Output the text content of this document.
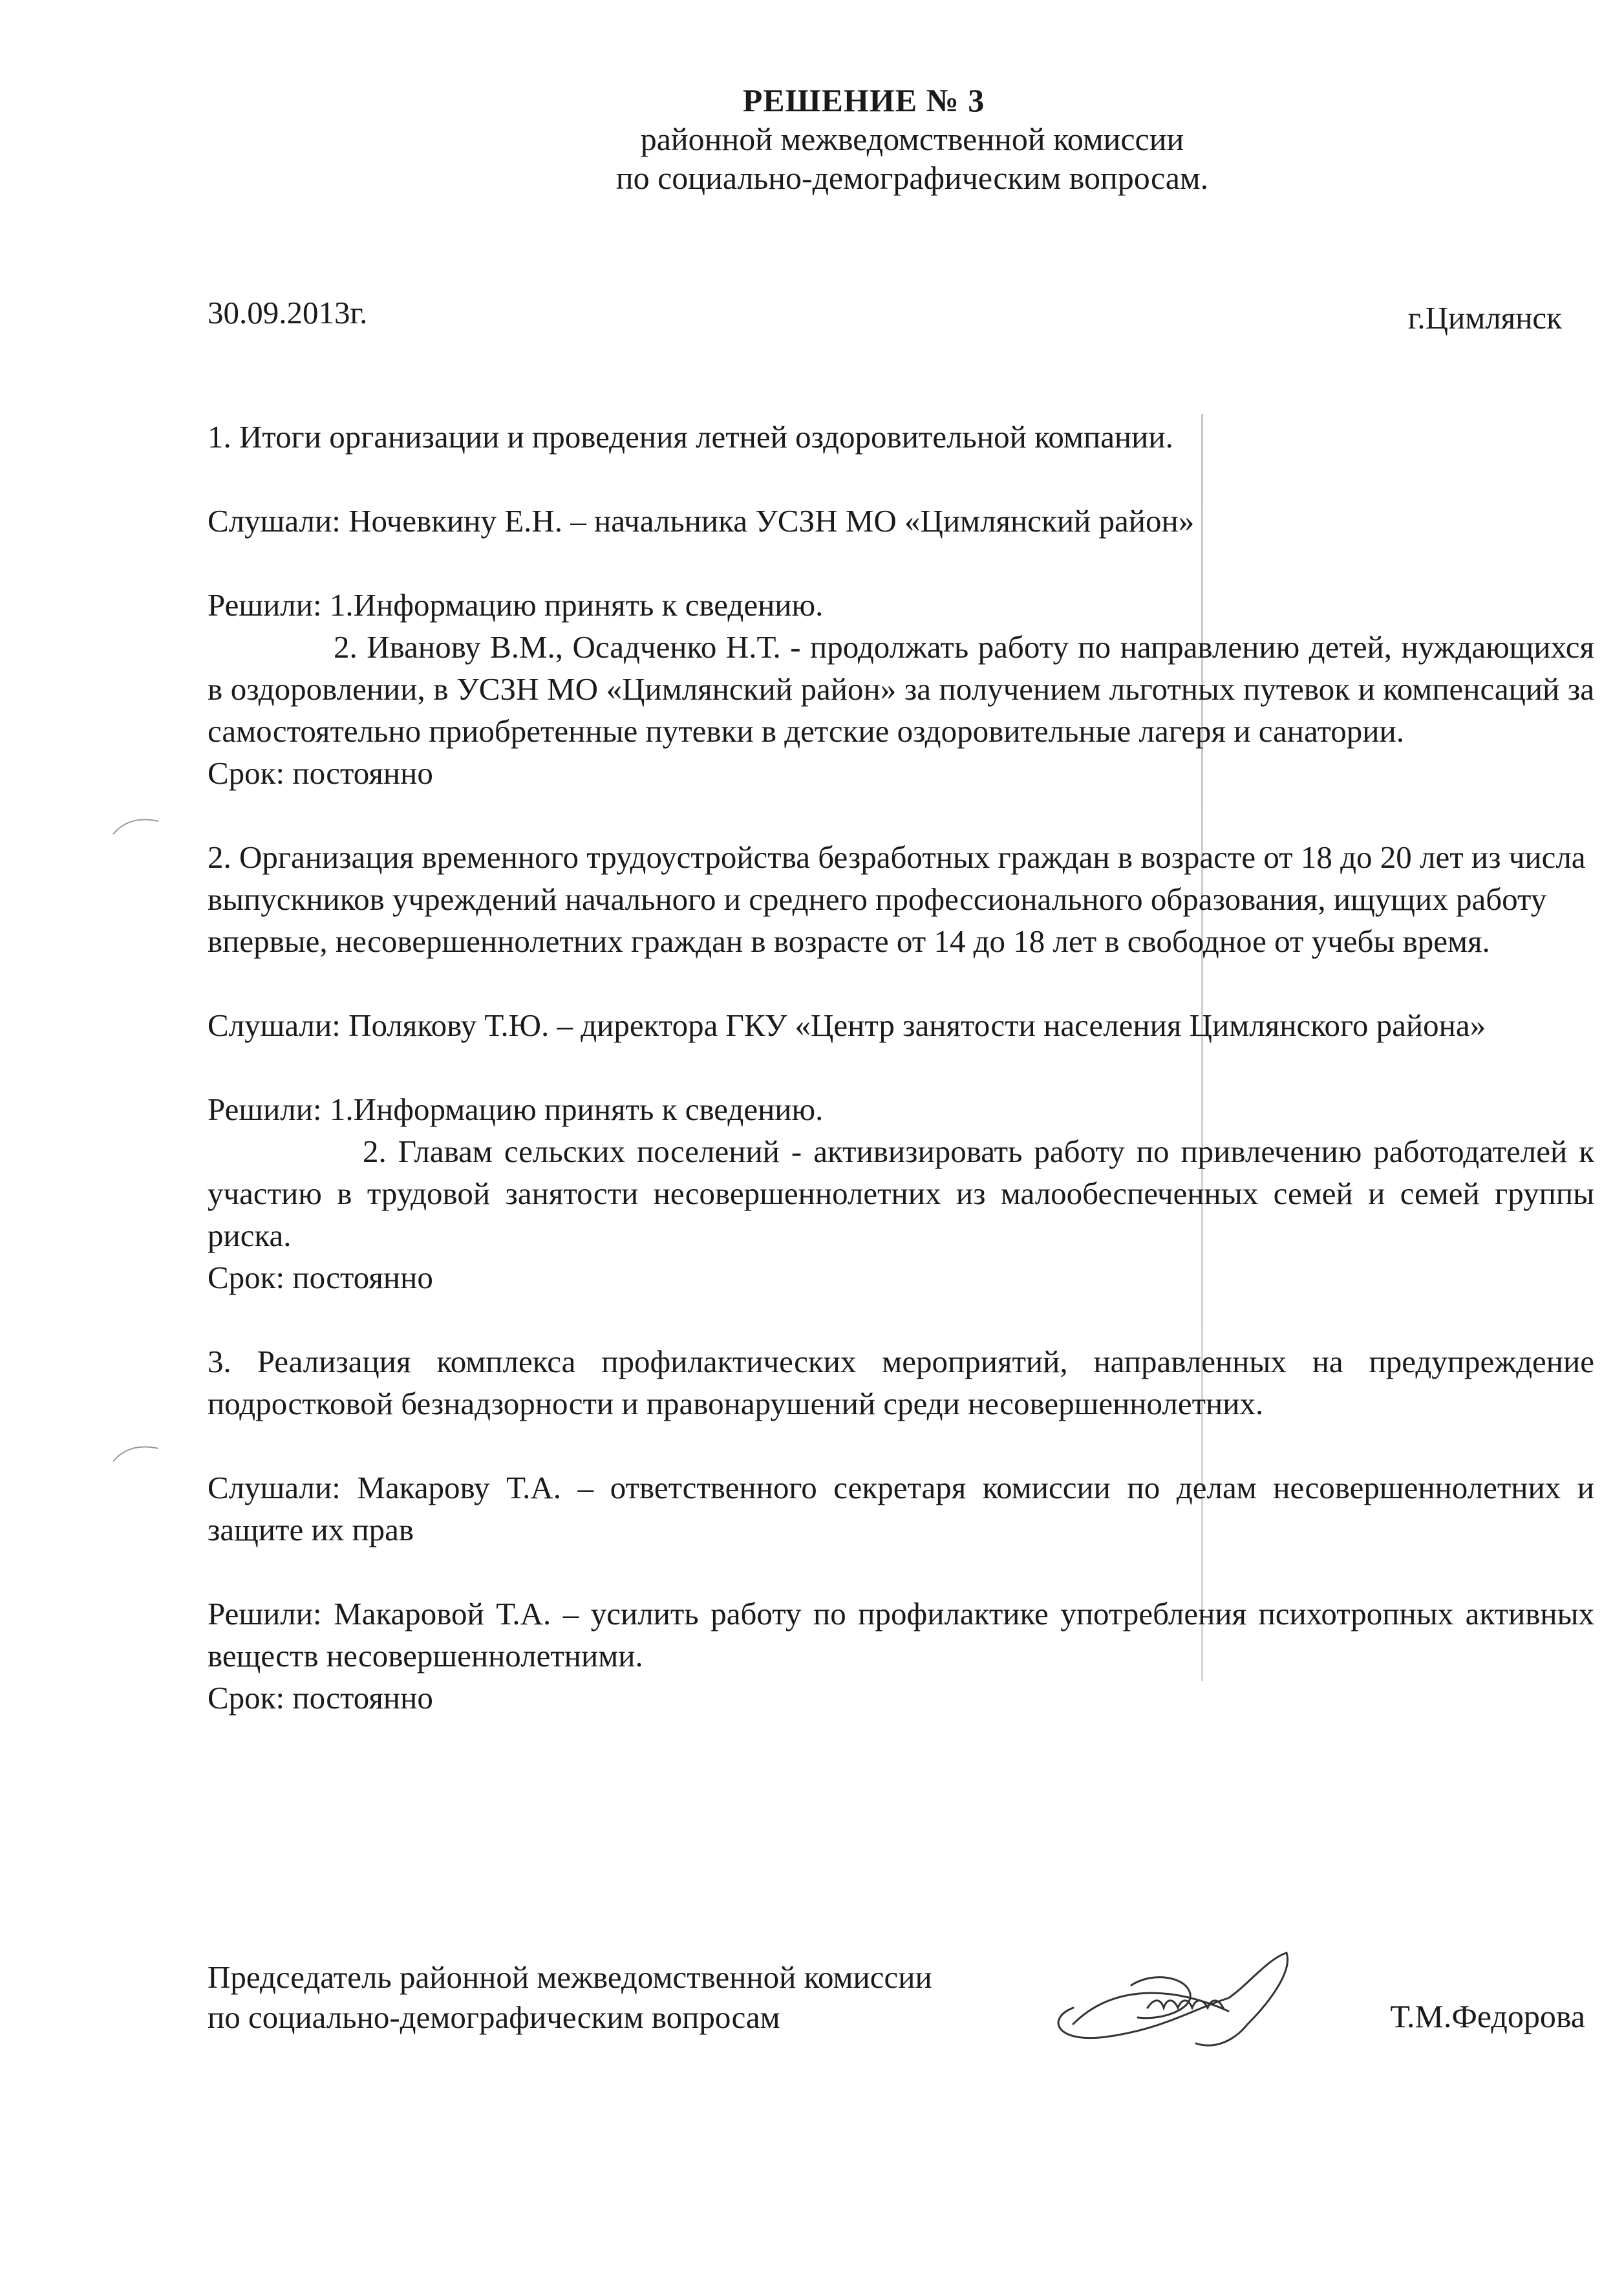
РЕШЕНИЕ № 3
районной межведомственной комиссии
по социально-демографическим вопросам.
30.09.2013г.	г.Цимлянск

1. Итоги организации и проведения летней оздоровительной компании.

Слушали: Ночевкину Е.Н. – начальника УСЗН МО «Цимлянский район»

Решили: 1.Информацию принять к сведению.

2. Иванову В.М., Осадченко Н.Т. - продолжать работу по направлению детей, нуждающихся в оздоровлении, в УСЗН МО «Цимлянский район» за получением льготных путевок и компенсаций за самостоятельно приобретенные путевки в детские оздоровительные лагеря и санатории.

Срок: постоянно

2. Организация временного трудоустройства безработных граждан в возрасте от 18 до 20 лет из числа выпускников учреждений начального и среднего профессионального образования, ищущих работу впервые, несовершеннолетних граждан в возрасте от 14 до 18 лет в свободное от учебы время.

Слушали: Полякову Т.Ю. – директора ГКУ «Центр занятости населения Цимлянского района»

Решили: 1.Информацию принять к сведению.

2. Главам сельских поселений - активизировать работу по привлечению работодателей к участию в трудовой занятости несовершеннолетних из малообеспеченных семей и семей группы риска.

Срок: постоянно

3. Реализация комплекса профилактических мероприятий, направленных на предупреждение подростковой безнадзорности и правонарушений среди несовершеннолетних.

Слушали: Макарову Т.А. – ответственного секретаря комиссии по делам несовершеннолетних и защите их прав

Решили: Макаровой Т.А. – усилить работу по профилактике употребления психотропных активных веществ несовершеннолетними.

Срок: постоянно

Председатель районной межведомственной комиссии
по социально-демографическим вопросам	Т.М.Федорова
